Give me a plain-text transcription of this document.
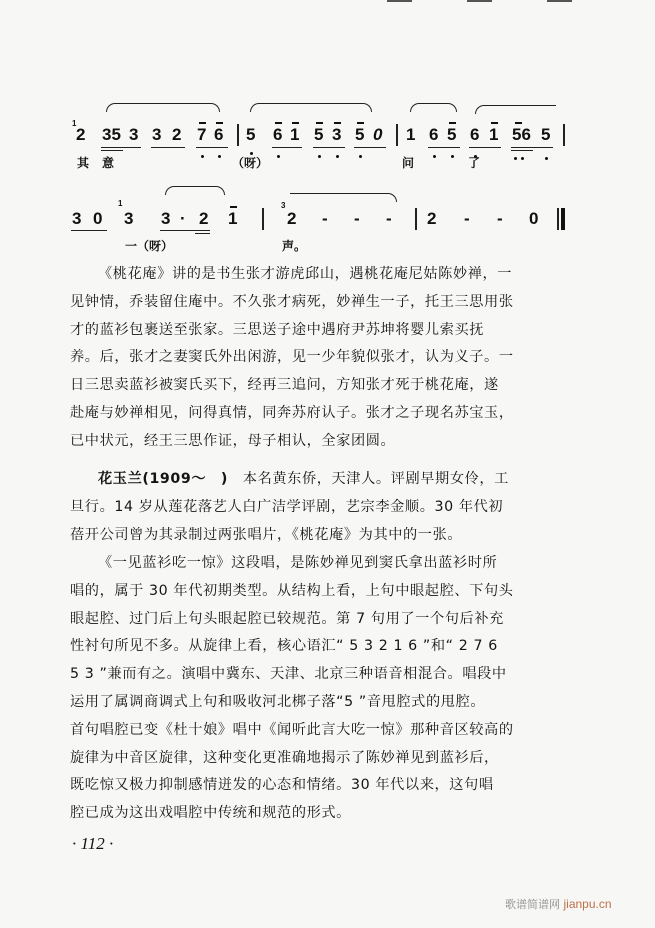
1
2 35 3 3 2 7 6 5 6 1 5 3 5 0 1 6 5 6 1 56 5
其 意	（呀）	问	了
1	3
3 0 3 3 · 2 1	2 - - - 2 - - 0
一（呀）	声。
《桃花庵》讲的是书生张才游虎邱山，遇桃花庵尼姑陈妙禅，一
见钟情，乔装留住庵中。不久张才病死，妙禅生一子，托王三思用张
才的蓝衫包裹送至张家。三思送子途中遇府尹苏坤将婴儿索买抚
养。后，张才之妻窦氏外出闲游，见一少年貌似张才，认为义子。一
日三思卖蓝衫被窦氏买下，经再三追问，方知张才死于桃花庵，遂
赴庵与妙禅相见，问得真情，同奔苏府认子。张才之子现名苏宝玉，
已中状元，经王三思作证，母子相认，全家团圆。
花玉兰(1909～　)　本名黄东侨，天津人。评剧早期女伶，工
旦行。14 岁从莲花落艺人白广洁学评剧，艺宗李金顺。30 年代初
蓓开公司曾为其录制过两张唱片，《桃花庵》为其中的一张。
《一见蓝衫吃一惊》这段唱，是陈妙禅见到窦氏拿出蓝衫时所
唱的，属于 30 年代初期类型。从结构上看，上句中眼起腔、下句头
眼起腔、过门后上句头眼起腔已较规范。第 7 句用了一个句后补充
性衬句所见不多。从旋律上看，核心语汇“ 5 3 2 1 6 ”和“ 2 7 6
5 3 ”兼而有之。演唱中冀东、天津、北京三种语音相混合。唱段中
运用了属调商调式上句和吸收河北梆子落“5 ”音甩腔式的甩腔。
首句唱腔已变《杜十娘》唱中《闻听此言大吃一惊》那种音区较高的
旋律为中音区旋律，这种变化更准确地揭示了陈妙禅见到蓝衫后，
既吃惊又极力抑制感情迸发的心态和情绪。30 年代以来，这句唱
腔已成为这出戏唱腔中传统和规范的形式。
· 112 ·
歌谱简谱网 jianpu.cn
